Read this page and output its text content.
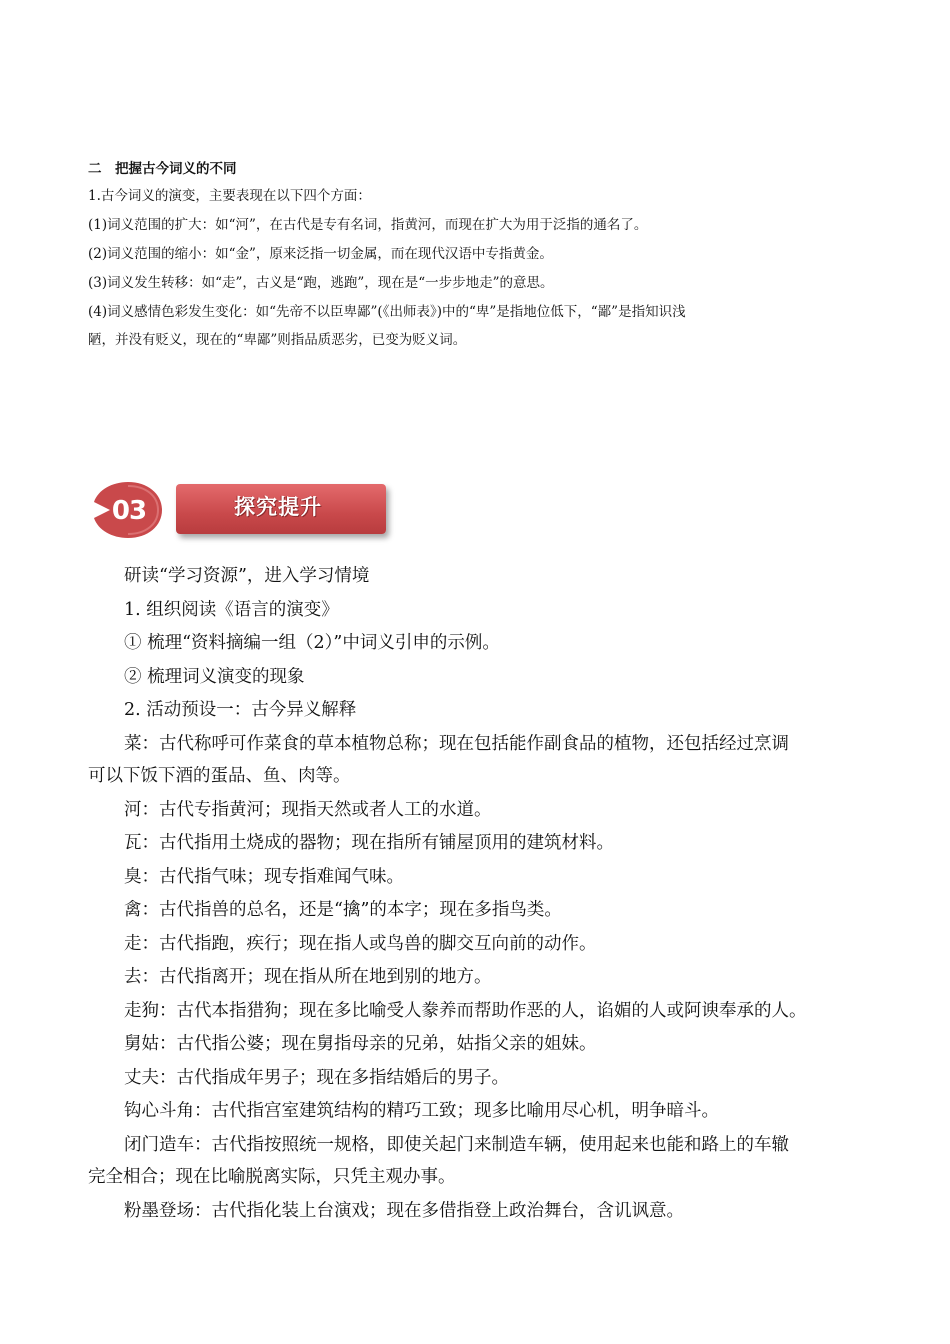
二　把握古今词义的不同
1.古今词义的演变，主要表现在以下四个方面：
(1)词义范围的扩大：如“河”，在古代是专有名词，指黄河，而现在扩大为用于泛指的通名了。
(2)词义范围的缩小：如“金”，原来泛指一切金属，而在现代汉语中专指黄金。
(3)词义发生转移：如“走”，古义是“跑，逃跑”，现在是“一步步地走”的意思。
(4)词义感情色彩发生变化：如“先帝不以臣卑鄙”(《出师表》)中的“卑”是指地位低下，“鄙”是指知识浅
陋，并没有贬义，现在的“卑鄙”则指品质恶劣，已变为贬义词。
03	探究提升
研读“学习资源”，进入学习情境
1. 组织阅读《语言的演变》
① 梳理“资料摘编一组（2）”中词义引申的示例。
② 梳理词义演变的现象
2. 活动预设一：古今异义解释
菜：古代称呼可作菜食的草本植物总称；现在包括能作副食品的植物，还包括经过烹调
可以下饭下酒的蛋品、鱼、肉等。
河：古代专指黄河；现指天然或者人工的水道。
瓦：古代指用土烧成的器物；现在指所有铺屋顶用的建筑材料。
臭：古代指气味；现专指难闻气味。
禽：古代指兽的总名，还是“擒”的本字；现在多指鸟类。
走：古代指跑，疾行；现在指人或鸟兽的脚交互向前的动作。
去：古代指离开；现在指从所在地到别的地方。
走狗：古代本指猎狗；现在多比喻受人豢养而帮助作恶的人，谄媚的人或阿谀奉承的人。
舅姑：古代指公婆；现在舅指母亲的兄弟，姑指父亲的姐妹。
丈夫：古代指成年男子；现在多指结婚后的男子。
钩心斗角：古代指宫室建筑结构的精巧工致；现多比喻用尽心机，明争暗斗。
闭门造车：古代指按照统一规格，即使关起门来制造车辆，使用起来也能和路上的车辙
完全相合；现在比喻脱离实际，只凭主观办事。
粉墨登场：古代指化装上台演戏；现在多借指登上政治舞台，含讥讽意。
